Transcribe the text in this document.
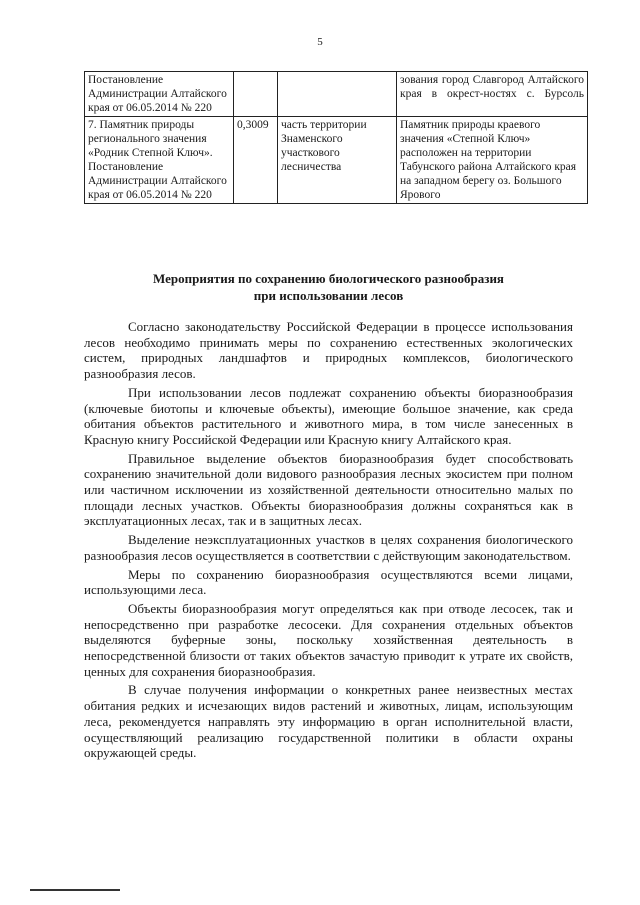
5
Постановление Администрации Алтайского края от 06.05.2014 № 220			зования город Славгород Алтайского края в окрест-ностях с. Бурсоль
7. Памятник природы регионального значения «Родник Степной Ключ». Постановление Администрации Алтайского края от 06.05.2014 № 220	0,3009	часть территории Знаменского участкового лесничества	Памятник природы краевого значения «Степной Ключ» расположен на территории Табунского района Алтайского края на западном берегу оз. Большого Ярового
Мероприятия по сохранению биологического разнообразия
при использовании лесов

Согласно законодательству Российской Федерации в процессе использования лесов необходимо принимать меры по сохранению естественных экологических систем, природных ландшафтов и природных комплексов, биологического разнообразия лесов.

При использовании лесов подлежат сохранению объекты биоразнообразия (ключевые биотопы и ключевые объекты), имеющие большое значение, как среда обитания объектов растительного и животного мира, в том числе занесенных в Красную книгу Российской Федерации или Красную книгу Алтайского края.

Правильное выделение объектов биоразнообразия будет способствовать сохранению значительной доли видового разнообразия лесных экосистем при полном или частичном исключении из хозяйственной деятельности относительно малых по площади лесных участков. Объекты биоразнообразия должны сохраняться как в эксплуатационных лесах, так и в защитных лесах.

Выделение неэксплуатационных участков в целях сохранения биологического разнообразия лесов осуществляется в соответствии с действующим законодательством.

Меры по сохранению биоразнообразия осуществляются всеми лицами, использующими леса.

Объекты биоразнообразия могут определяться как при отводе лесосек, так и непосредственно при разработке лесосеки. Для сохранения отдельных объектов выделяются буферные зоны, поскольку хозяйственная деятельность в непосредственной близости от таких объектов зачастую приводит к утрате их свойств, ценных для сохранения биоразнообразия.

В случае получения информации о конкретных ранее неизвестных местах обитания редких и исчезающих видов растений и животных, лицам, использующим леса, рекомендуется направлять эту информацию в орган исполнительной власти, осуществляющий реализацию государственной политики в области охраны окружающей среды.
